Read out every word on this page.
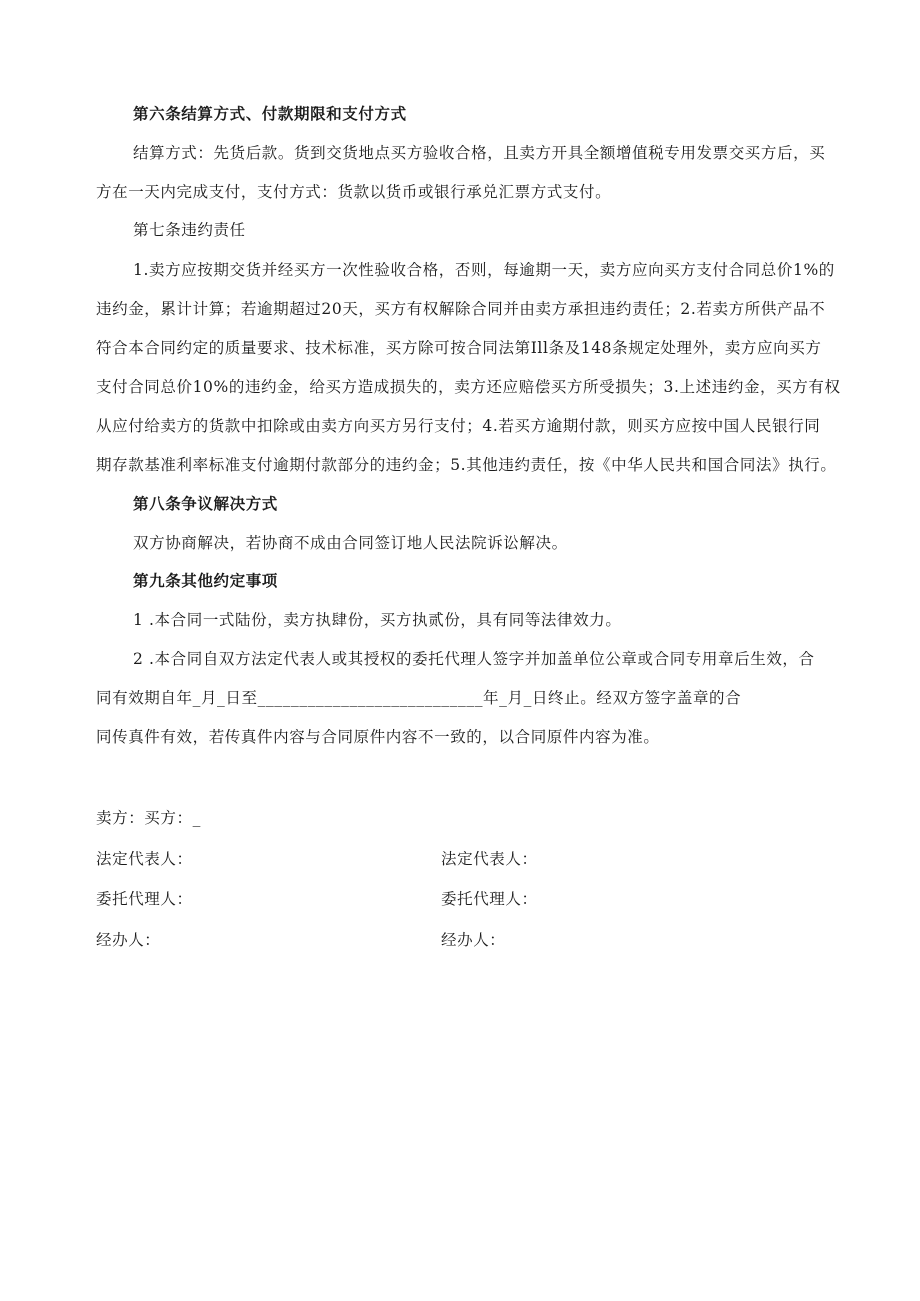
第六条结算方式、付款期限和支付方式
结算方式：先货后款。货到交货地点买方验收合格，且卖方开具全额增值税专用发票交买方后，买
方在一天内完成支付，支付方式：货款以货币或银行承兑汇票方式支付。
第七条违约责任
1.卖方应按期交货并经买方一次性验收合格，否则，每逾期一天，卖方应向买方支付合同总价1%的
违约金，累计计算；若逾期超过20天，买方有权解除合同并由卖方承担违约责任；2.若卖方所供产品不
符合本合同约定的质量要求、技术标准，买方除可按合同法第Ill条及148条规定处理外，卖方应向买方
支付合同总价10%的违约金，给买方造成损失的，卖方还应赔偿买方所受损失；3.上述违约金，买方有权
从应付给卖方的货款中扣除或由卖方向买方另行支付；4.若买方逾期付款，则买方应按中国人民银行同
期存款基准利率标准支付逾期付款部分的违约金；5.其他违约责任，按《中华人民共和国合同法》执行。
第八条争议解决方式
双方协商解决，若协商不成由合同签订地人民法院诉讼解决。
第九条其他约定事项
1 .本合同一式陆份，卖方执肆份，买方执贰份，具有同等法律效力。
2 .本合同自双方法定代表人或其授权的委托代理人签字并加盖单位公章或合同专用章后生效，合
同有效期自年_月_日至___________________________年_月_日终止。经双方签字盖章的合
同传真件有效，若传真件内容与合同原件内容不一致的，以合同原件内容为准。
卖方：买方：_
法定代表人：	法定代表人：
委托代理人：	委托代理人：
经办人：	经办人：
